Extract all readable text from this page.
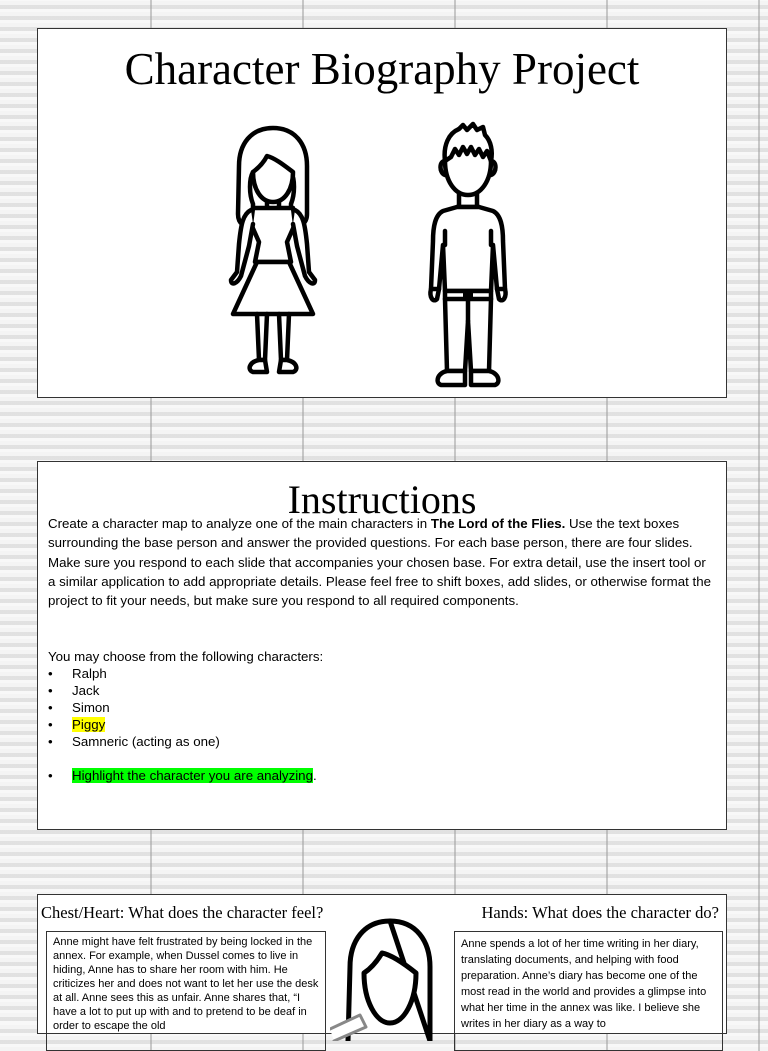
Character Biography Project
Instructions

Create a character map to analyze one of the main characters in The Lord of the Flies. Use the text boxes surrounding the base person and answer the provided questions. For each base person, there are four slides. Make sure you respond to each slide that accompanies your chosen base. For extra detail, use the insert tool or a similar application to add appropriate details. Please feel free to shift boxes, add slides, or otherwise format the project to fit your needs, but make sure you respond to all required components.

You may choose from the following characters:
• Ralph
• Jack
• Simon
• Piggy
• Samneric (acting as one)
• Highlight the character you are analyzing.
Chest/Heart: What does the character feel?	Hands: What does the character do?
Anne might have felt frustrated by being locked in the annex. For example, when Dussel comes to live in hiding, Anne has to share her room with him. He criticizes her and does not want to let her use the desk at all. Anne sees this as unfair. Anne shares that, “I have a lot to put up with and to pretend to be deaf in order to escape the old
Anne spends a lot of her time writing in her diary, translating documents, and helping with food preparation. Anne’s diary has become one of the most read in the world and provides a glimpse into what her time in the annex was like. I believe she writes in her diary as a way to
